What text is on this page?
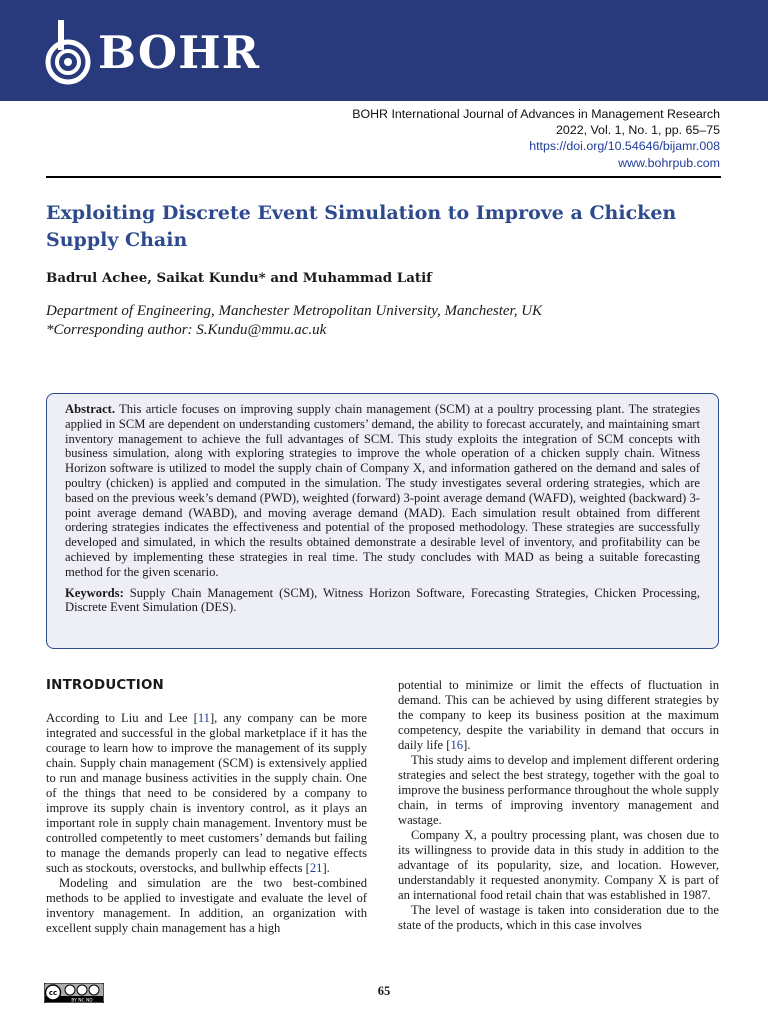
BOHR
BOHR International Journal of Advances in Management Research
2022, Vol. 1, No. 1, pp. 65–75
https://doi.org/10.54646/bijamr.008
www.bohrpub.com
Exploiting Discrete Event Simulation to Improve a Chicken Supply Chain
Badrul Achee, Saikat Kundu* and Muhammad Latif
Department of Engineering, Manchester Metropolitan University, Manchester, UK
*Corresponding author: S.Kundu@mmu.ac.uk

Abstract. This article focuses on improving supply chain management (SCM) at a poultry processing plant. The strategies applied in SCM are dependent on understanding customers’ demand, the ability to forecast accurately, and maintaining smart inventory management to achieve the full advantages of SCM. This study exploits the integration of SCM concepts with business simulation, along with exploring strategies to improve the whole operation of a chicken supply chain. Witness Horizon software is utilized to model the supply chain of Company X, and information gathered on the demand and sales of poultry (chicken) is applied and computed in the simulation. The study investigates several ordering strategies, which are based on the previous week’s demand (PWD), weighted (forward) 3-point average demand (WAFD), weighted (backward) 3-point average demand (WABD), and moving average demand (MAD). Each simulation result obtained from different ordering strategies indicates the effectiveness and potential of the proposed methodology. These strategies are successfully developed and simulated, in which the results obtained demonstrate a desirable level of inventory, and profitability can be achieved by implementing these strategies in real time. The study concludes with MAD as being a suitable forecasting method for the given scenario.

Keywords: Supply Chain Management (SCM), Witness Horizon Software, Forecasting Strategies, Chicken Processing, Discrete Event Simulation (DES).

INTRODUCTION

According to Liu and Lee [11], any company can be more integrated and successful in the global marketplace if it has the courage to learn how to improve the management of its supply chain. Supply chain management (SCM) is extensively applied to run and manage business activities in the supply chain. One of the things that need to be considered by a company to improve its supply chain is inventory control, as it plays an important role in supply chain management. Inventory must be controlled competently to meet customers’ demands but failing to manage the demands properly can lead to negative effects such as stockouts, overstocks, and bullwhip effects [21].

Modeling and simulation are the two best-combined methods to be applied to investigate and evaluate the level of inventory management. In addition, an organization with excellent supply chain management has a high

potential to minimize or limit the effects of fluctuation in demand. This can be achieved by using different strategies by the company to keep its business position at the maximum competency, despite the variability in demand that occurs in daily life [16].

This study aims to develop and implement different ordering strategies and select the best strategy, together with the goal to improve the business performance throughout the whole supply chain, in terms of improving inventory management and wastage.

Company X, a poultry processing plant, was chosen due to its willingness to provide data in this study in addition to the advantage of its popularity, size, and location. However, understandably it requested anonymity. Company X is part of an international food retail chain that was established in 1987.

The level of wastage is taken into consideration due to the state of the products, which in this case involves

cc
BY NC ND
65
